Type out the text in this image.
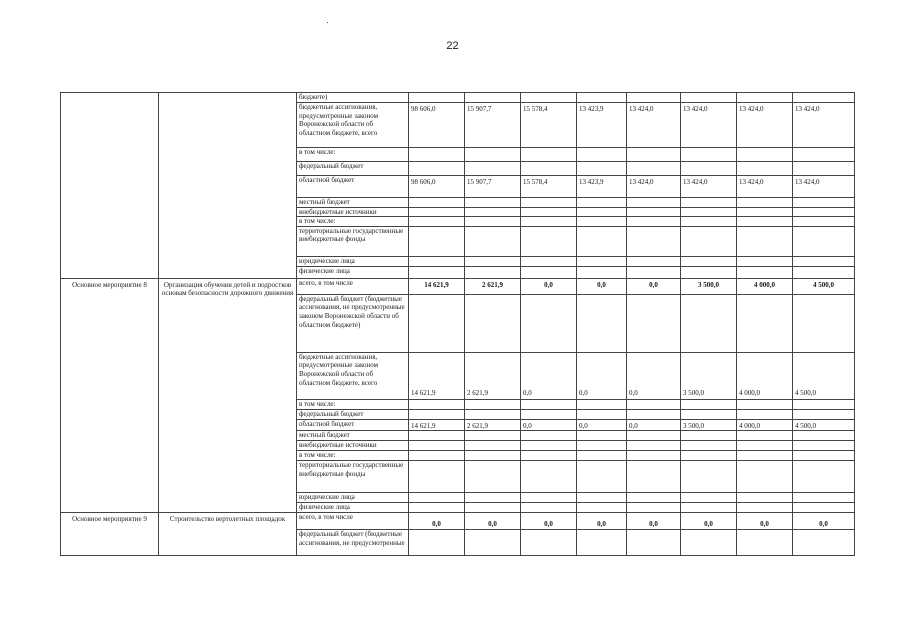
22
		бюджете)								
		бюджетные ассигнования, предусмотренные законом Воронежской области об областном бюджете, всего	98 606,0	15 907,7	15 578,4	13 423,9	13 424,0	13 424,0	13 424,0	13 424,0
		в том числе:								
		федеральный бюджет								
		областной бюджет	98 606,0	15 907,7	15 578,4	13 423,9	13 424,0	13 424,0	13 424,0	13 424,0
		местный бюджет								
		внебюджетные источники								
		в том числе:								
		территориальные государственные внебюджетные фонды								
		юридические лица								
		физические лица								
Основное мероприятие 8	Организация обучения детей и подростков основам безопасности дорожного движения	всего, в том числе	14 621,9	2 621,9	0,0	0,0	0,0	3 500,0	4 000,0	4 500,0
		федеральный бюджет (бюджетные ассигнования, не предусмотренные законом Воронежской области об областном бюджете)								
		бюджетные ассигнования, предусмотренные законом Воронежской области об областном бюджете, всего	14 621,9	2 621,9	0,0	0,0	0,0	3 500,0	4 000,0	4 500,0
		в том числе:								
		федеральный бюджет								
		областной бюджет	14 621,9	2 621,9	0,0	0,0	0,0	3 500,0	4 000,0	4 500,0
		местный бюджет								
		внебюджетные источники								
		в том числе:								
		территориальные государственные внебюджетные фонды								
		юридические лица								
		физические лица								
Основное мероприятие 9	Строительство вертолетных площадок	всего, в том числе	0,0	0,0	0,0	0,0	0,0	0,0	0,0	0,0
		федеральный бюджет (бюджетные ассигнования, не предусмотренные								
